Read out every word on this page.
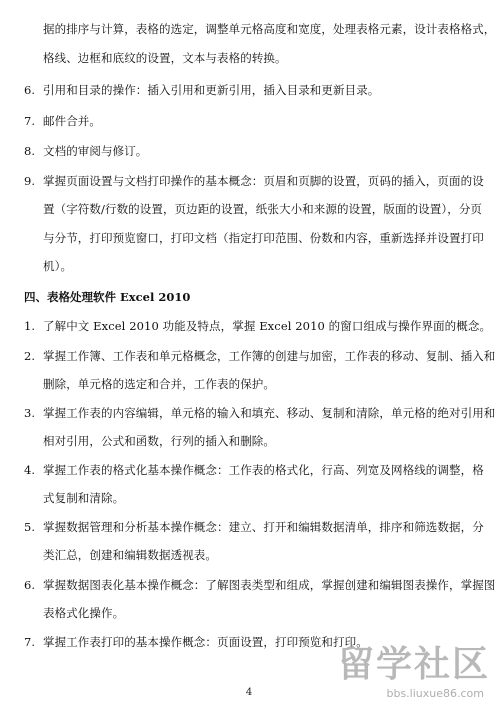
据的排序与计算，表格的选定，调整单元格高度和宽度，处理表格元素，设计表格格式，
格线、边框和底纹的设置，文本与表格的转换。
6. 引用和目录的操作：插入引用和更新引用，插入目录和更新目录。
7. 邮件合并。
8. 文档的审阅与修订。
9. 掌握页面设置与文档打印操作的基本概念：页眉和页脚的设置，页码的插入，页面的设
置（字符数/行数的设置，页边距的设置，纸张大小和来源的设置，版面的设置），分页
与分节，打印预览窗口，打印文档（指定打印范围、份数和内容，重新选择并设置打印
机）。
四、表格处理软件 Excel 2010
1. 了解中文 Excel 2010 功能及特点，掌握 Excel 2010 的窗口组成与操作界面的概念。
2. 掌握工作簿、工作表和单元格概念，工作簿的创建与加密，工作表的移动、复制、插入和
删除，单元格的选定和合并，工作表的保护。
3. 掌握工作表的内容编辑，单元格的输入和填充、移动、复制和清除，单元格的绝对引用和
相对引用，公式和函数，行列的插入和删除。
4. 掌握工作表的格式化基本操作概念：工作表的格式化，行高、列宽及网格线的调整，格
式复制和清除。
5. 掌握数据管理和分析基本操作概念：建立、打开和编辑数据清单，排序和筛选数据，分
类汇总，创建和编辑数据透视表。
6. 掌握数据图表化基本操作概念：了解图表类型和组成，掌握创建和编辑图表操作，掌握图
表格式化操作。
7. 掌握工作表打印的基本操作概念：页面设置，打印预览和打印。
4
留学社区
bbs.liuxue86.com
